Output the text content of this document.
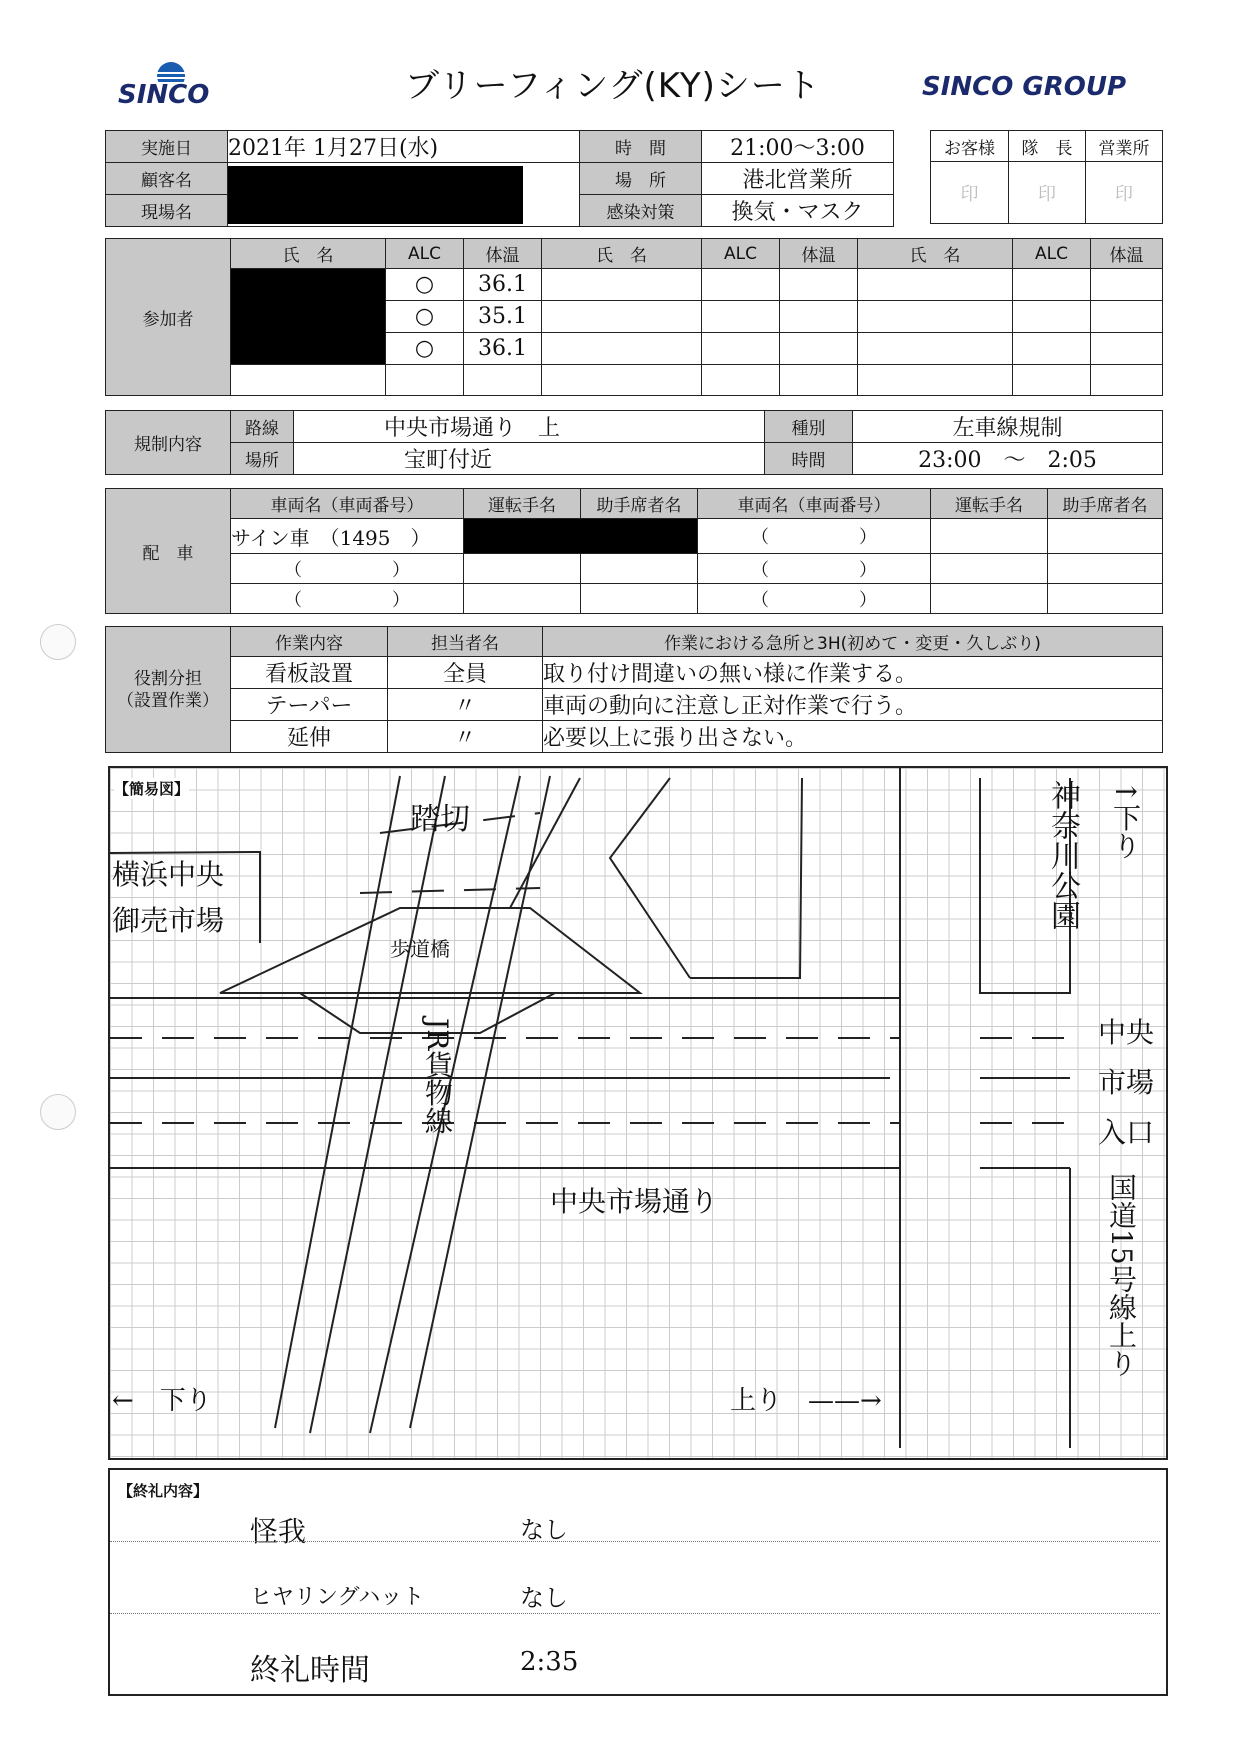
SINCO	ブリーフィング(KY)シート	SINCO GROUP
実施日	2021年 1月27日(水)	時　間	21:00〜3:00
顧客名		場　所	港北営業所
現場名		感染対策	換気・マスク
お客様	隊　長	営業所
印	印	印
参加者	氏　名	ALC	体温	氏　名	ALC	体温	氏　名	ALC	体温

		○	36.1						
		○	35.1						
		○	36.1						

規制内容	路線	中央市場通り　上	種別	左車線規制
	場所	宝町付近	時間	23:00　〜　2:05
配　車	車両名（車両番号）	運転手名	助手席者名	車両名（車両番号）	運転手名	助手席者名
	サイン車　（1495　）			（　　　　　）		
	（　　　　　）			（　　　　　）		
	（　　　　　）			（　　　　　）		
役割分担
（設置作業）	作業内容	担当者名	作業における急所と3H(初めて・変更・久しぶり)
	看板設置	全員	取り付け間違いの無い様に作業する。
	テーパー	〃	車両の動向に注意し正対作業で行う。
	延伸	〃	必要以上に張り出さない。
【簡易図】
踏切
横浜中央
御売市場
歩道橋
神奈川公園 ↑下り
JR貨物線
中央市場通り
中央
市場
入口
国道15号線上り
←　下り	上り　——→
【終礼内容】
怪我	なし
ヒヤリングハット	なし
終礼時間	2:35
